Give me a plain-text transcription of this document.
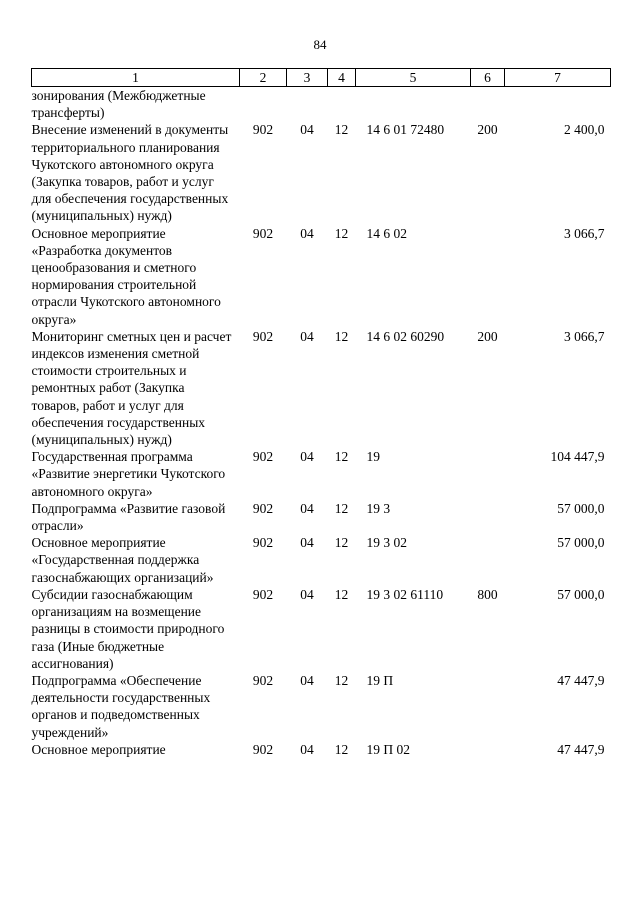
84
1	2	3	4	5	6	7
зонирования (Межбюджетные трансферты)						
Внесение изменений в документы территориального планирования Чукотского автономного округа (Закупка товаров, работ и услуг для обеспечения государственных (муниципальных) нужд)	902	04	12	14 6 01 72480	200	2 400,0
Основное мероприятие «Разработка документов ценообразования и сметного нормирования строительной отрасли Чукотского автономного округа»	902	04	12	14 6 02		3 066,7
Мониторинг сметных цен и расчет индексов изменения сметной стоимости строительных и ремонтных работ (Закупка товаров, работ и услуг для обеспечения государственных (муниципальных) нужд)	902	04	12	14 6 02 60290	200	3 066,7
Государственная программа «Развитие энергетики Чукотского автономного округа»	902	04	12	19		104 447,9
Подпрограмма «Развитие газовой отрасли»	902	04	12	19 3		57 000,0
Основное мероприятие «Государственная поддержка газоснабжающих организаций»	902	04	12	19 3 02		57 000,0
Субсидии газоснабжающим организациям на возмещение разницы в стоимости природного газа (Иные бюджетные ассигнования)	902	04	12	19 3 02 61110	800	57 000,0
Подпрограмма «Обеспечение деятельности государственных органов и подведомственных учреждений»	902	04	12	19 П		47 447,9
Основное мероприятие	902	04	12	19 П 02		47 447,9
